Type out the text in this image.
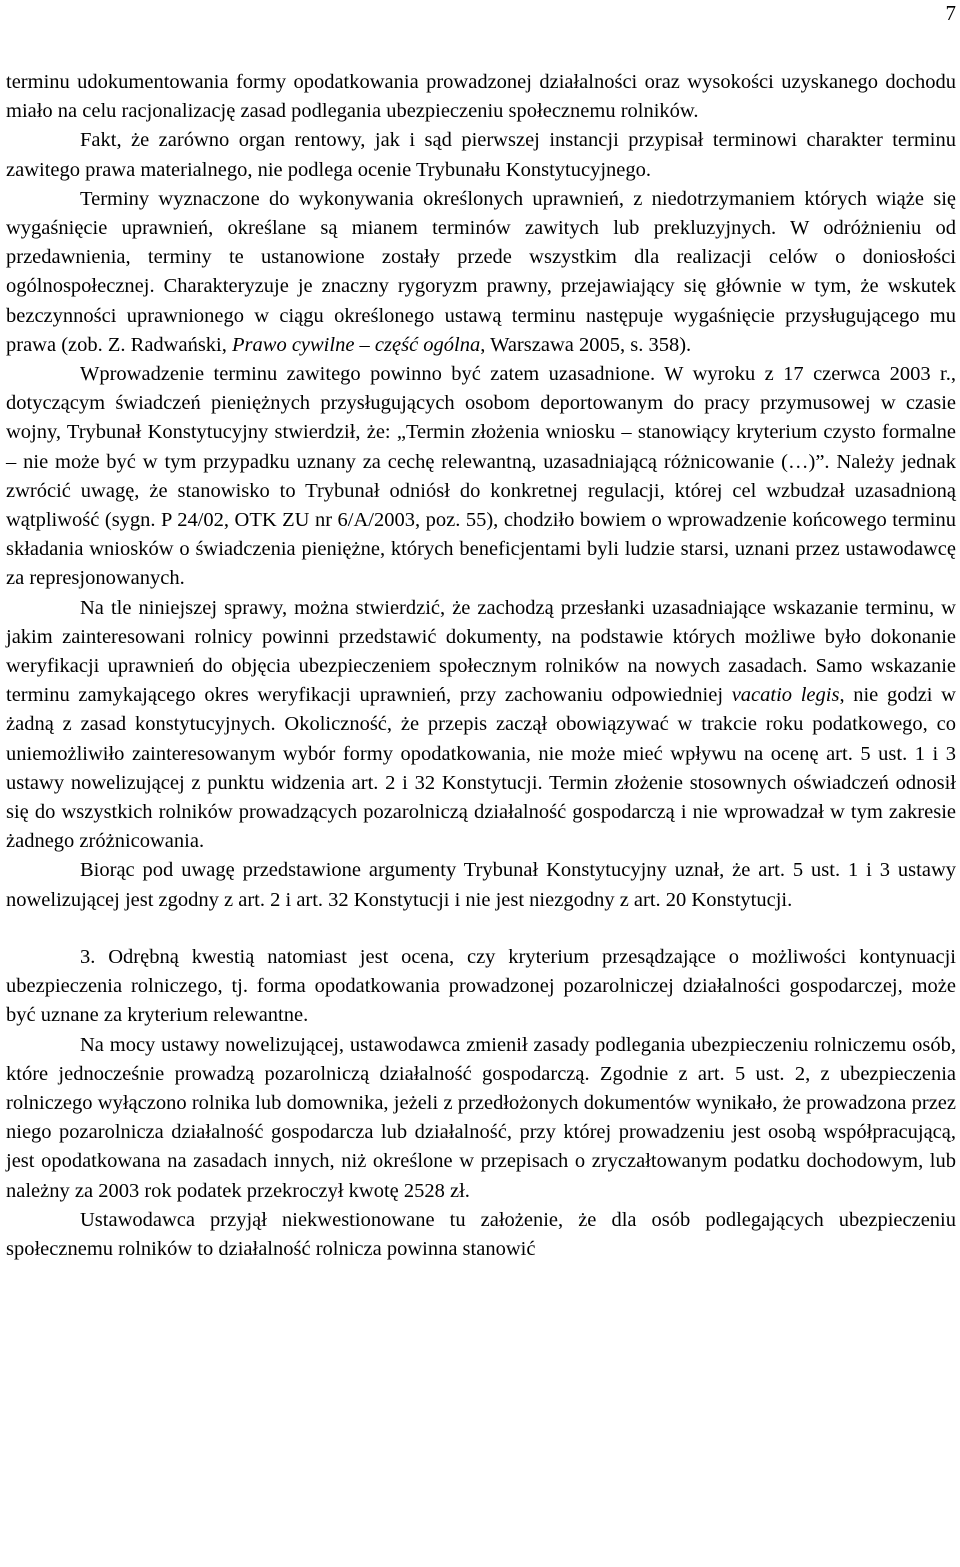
7

terminu udokumentowania formy opodatkowania prowadzonej działalności oraz wysokości uzyskanego dochodu miało na celu racjonalizację zasad podlegania ubezpieczeniu społecznemu rolników.

Fakt, że zarówno organ rentowy, jak i sąd pierwszej instancji przypisał terminowi charakter terminu zawitego prawa materialnego, nie podlega ocenie Trybunału Konstytucyjnego.

Terminy wyznaczone do wykonywania określonych uprawnień, z niedotrzymaniem których wiąże się wygaśnięcie uprawnień, określane są mianem terminów zawitych lub prekluzyjnych. W odróżnieniu od przedawnienia, terminy te ustanowione zostały przede wszystkim dla realizacji celów o doniosłości ogólnospołecznej. Charakteryzuje je znaczny rygoryzm prawny, przejawiający się głównie w tym, że wskutek bezczynności uprawnionego w ciągu określonego ustawą terminu następuje wygaśnięcie przysługującego mu prawa (zob. Z. Radwański, Prawo cywilne – część ogólna, Warszawa 2005, s. 358).

Wprowadzenie terminu zawitego powinno być zatem uzasadnione. W wyroku z 17 czerwca 2003 r., dotyczącym świadczeń pieniężnych przysługujących osobom deportowanym do pracy przymusowej w czasie wojny, Trybunał Konstytucyjny stwierdził, że: „Termin złożenia wniosku – stanowiący kryterium czysto formalne – nie może być w tym przypadku uznany za cechę relewantną, uzasadniającą różnicowanie (…)”. Należy jednak zwrócić uwagę, że stanowisko to Trybunał odniósł do konkretnej regulacji, której cel wzbudzał uzasadnioną wątpliwość (sygn. P 24/02, OTK ZU nr 6/A/2003, poz. 55), chodziło bowiem o wprowadzenie końcowego terminu składania wniosków o świadczenia pieniężne, których beneficjentami byli ludzie starsi, uznani przez ustawodawcę za represjonowanych.

Na tle niniejszej sprawy, można stwierdzić, że zachodzą przesłanki uzasadniające wskazanie terminu, w jakim zainteresowani rolnicy powinni przedstawić dokumenty, na podstawie których możliwe było dokonanie weryfikacji uprawnień do objęcia ubezpieczeniem społecznym rolników na nowych zasadach. Samo wskazanie terminu zamykającego okres weryfikacji uprawnień, przy zachowaniu odpowiedniej vacatio legis, nie godzi w żadną z zasad konstytucyjnych. Okoliczność, że przepis zaczął obowiązywać w trakcie roku podatkowego, co uniemożliwiło zainteresowanym wybór formy opodatkowania, nie może mieć wpływu na ocenę art. 5 ust. 1 i 3 ustawy nowelizującej z punktu widzenia art. 2 i 32 Konstytucji. Termin złożenie stosownych oświadczeń odnosił się do wszystkich rolników prowadzących pozarolniczą działalność gospodarczą i nie wprowadzał w tym zakresie żadnego zróżnicowania.

Biorąc pod uwagę przedstawione argumenty Trybunał Konstytucyjny uznał, że art. 5 ust. 1 i 3 ustawy nowelizującej jest zgodny z art. 2 i art. 32 Konstytucji i nie jest niezgodny z art. 20 Konstytucji.

3. Odrębną kwestią natomiast jest ocena, czy kryterium przesądzające o możliwości kontynuacji ubezpieczenia rolniczego, tj. forma opodatkowania prowadzonej pozarolniczej działalności gospodarczej, może być uznane za kryterium relewantne.

Na mocy ustawy nowelizującej, ustawodawca zmienił zasady podlegania ubezpieczeniu rolniczemu osób, które jednocześnie prowadzą pozarolniczą działalność gospodarczą. Zgodnie z art. 5 ust. 2, z ubezpieczenia rolniczego wyłączono rolnika lub domownika, jeżeli z przedłożonych dokumentów wynikało, że prowadzona przez niego pozarolnicza działalność gospodarcza lub działalność, przy której prowadzeniu jest osobą współpracującą, jest opodatkowana na zasadach innych, niż określone w przepisach o zryczałtowanym podatku dochodowym, lub należny za 2003 rok podatek przekroczył kwotę 2528 zł.

Ustawodawca przyjął niekwestionowane tu założenie, że dla osób podlegających ubezpieczeniu społecznemu rolników to działalność rolnicza powinna stanowić
